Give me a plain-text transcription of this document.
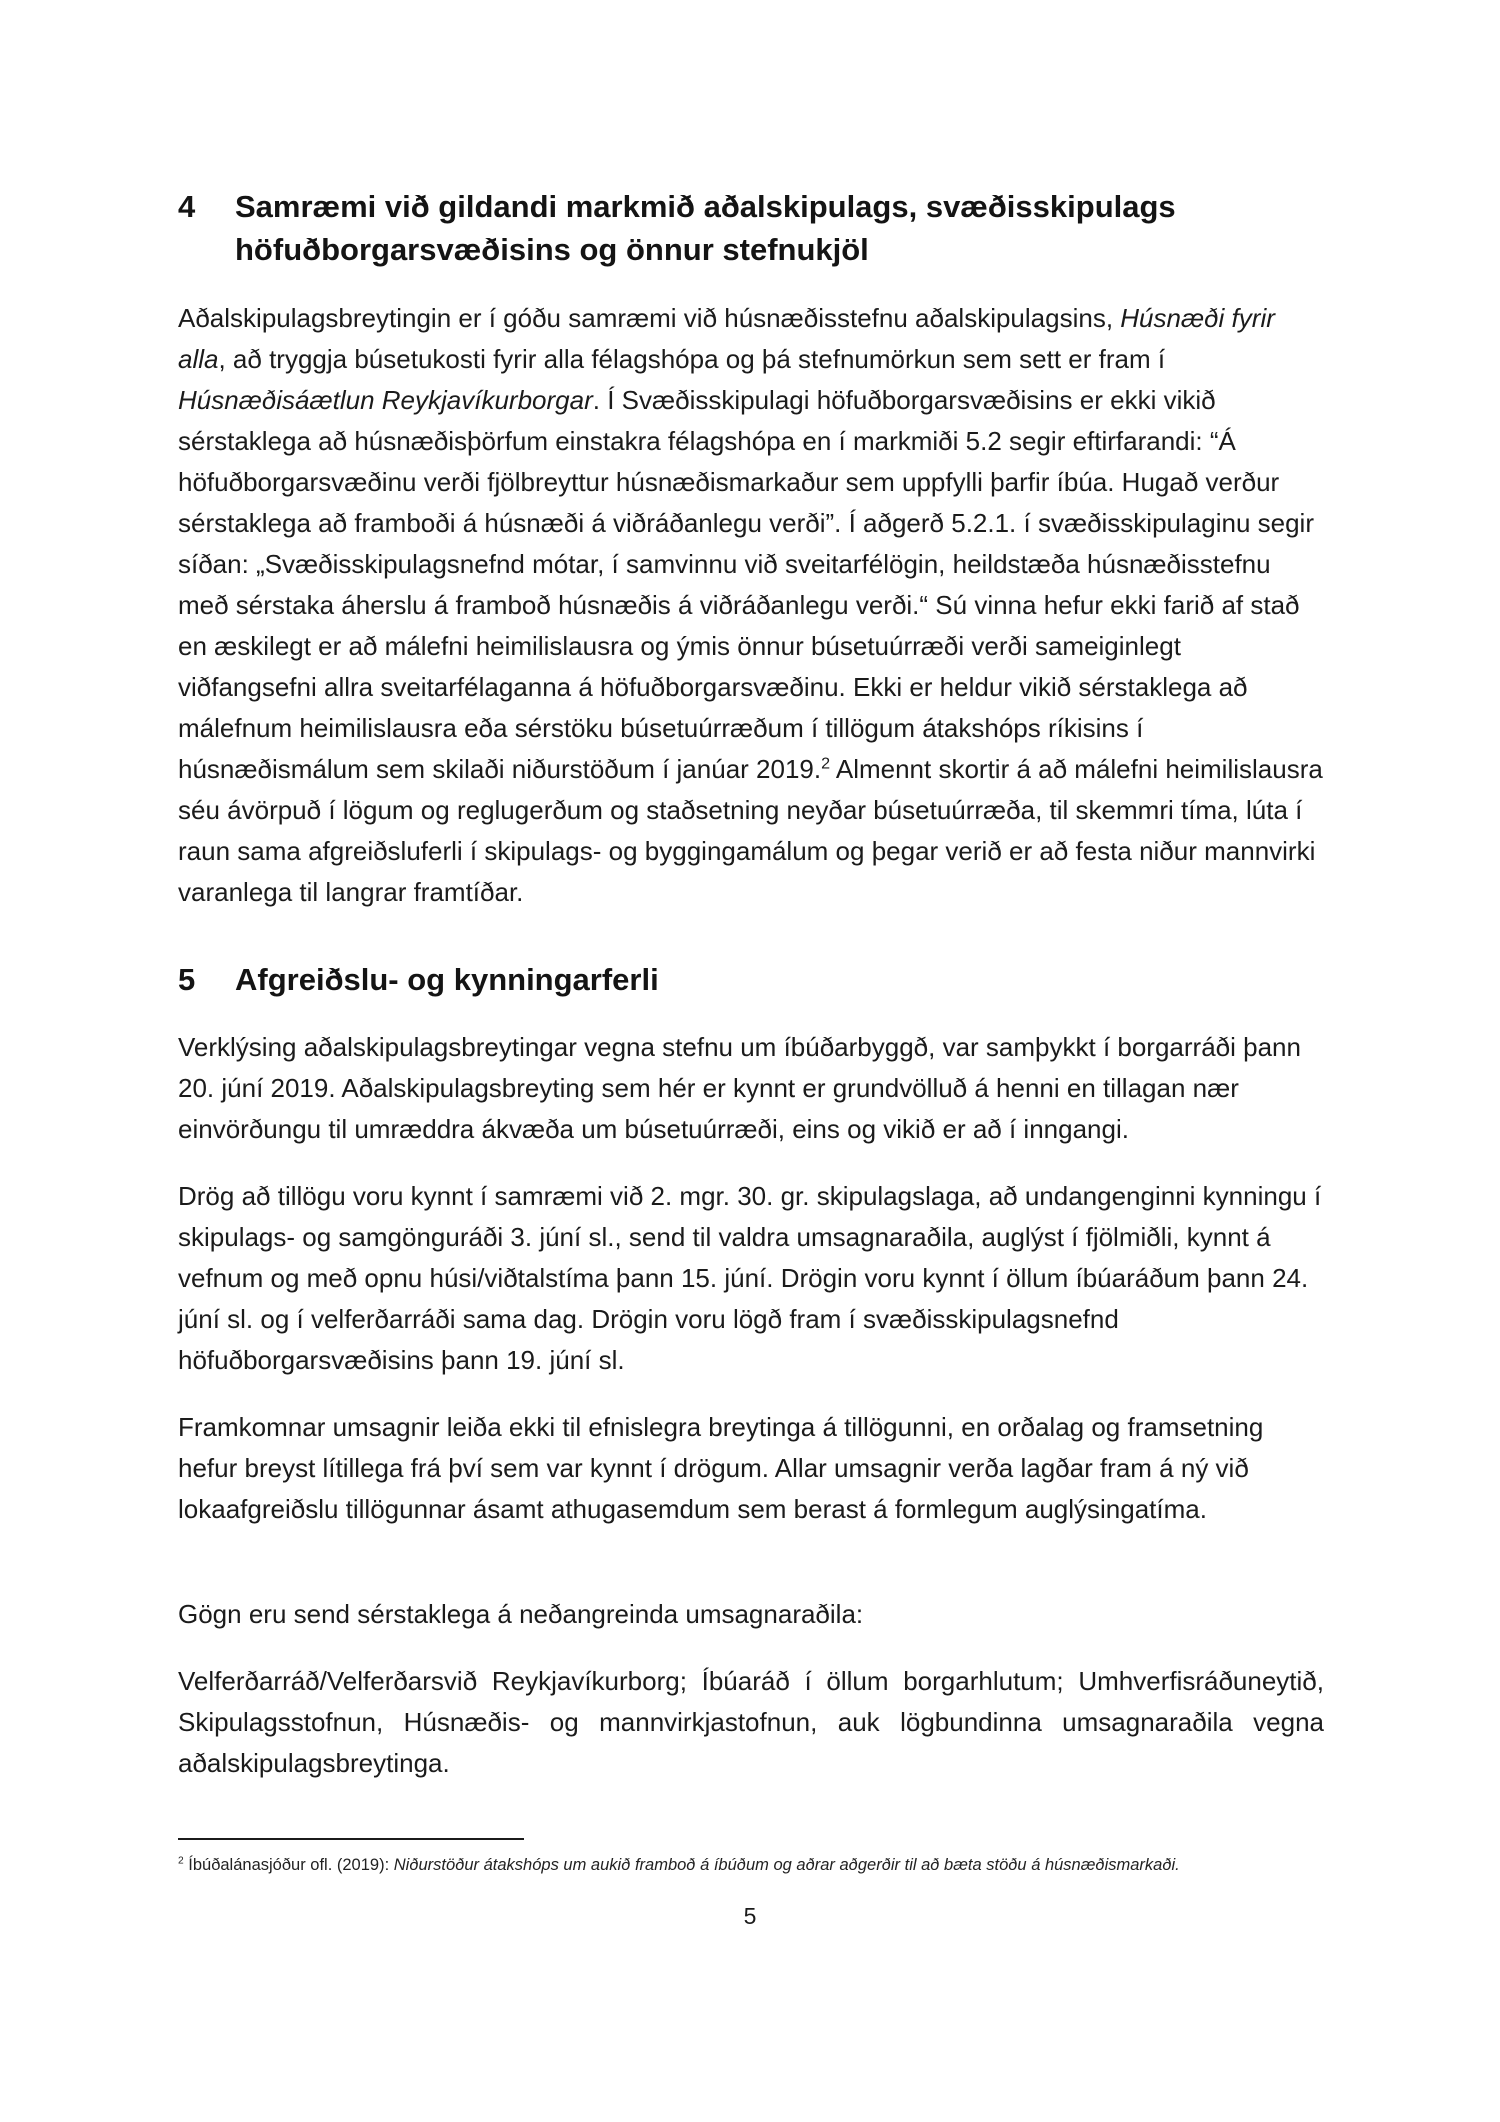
4	Samræmi við gildandi markmið aðalskipulags, svæðisskipulags höfuðborgarsvæðisins og önnur stefnukjöl

Aðalskipulagsbreytingin er í góðu samræmi við húsnæðisstefnu aðalskipulagsins, Húsnæði fyrir alla, að tryggja búsetukosti fyrir alla félagshópa og þá stefnumörkun sem sett er fram í Húsnæðisáætlun Reykjavíkurborgar. Í Svæðisskipulagi höfuðborgarsvæðisins er ekki vikið sérstaklega að húsnæðisþörfum einstakra félagshópa en í markmiði 5.2 segir eftirfarandi: “Á höfuðborgarsvæðinu verði fjölbreyttur húsnæðismarkaður sem uppfylli þarfir íbúa. Hugað verður sérstaklega að framboði á húsnæði á viðráðanlegu verði”. Í aðgerð 5.2.1. í svæðisskipulaginu segir síðan: „Svæðisskipulagsnefnd mótar, í samvinnu við sveitarfélögin, heildstæða húsnæðisstefnu með sérstaka áherslu á framboð húsnæðis á viðráðanlegu verði.“ Sú vinna hefur ekki farið af stað en æskilegt er að málefni heimilislausra og ýmis önnur búsetuúrræði verði sameiginlegt viðfangsefni allra sveitarfélaganna á höfuðborgarsvæðinu. Ekki er heldur vikið sérstaklega að málefnum heimilislausra eða sérstöku búsetuúrræðum í tillögum átakshóps ríkisins í húsnæðismálum sem skilaði niðurstöðum í janúar 2019.$^2$ Almennt skortir á að málefni heimilislausra séu ávörpuð í lögum og reglugerðum og staðsetning neyðar búsetuúrræða, til skemmri tíma, lúta í raun sama afgreiðsluferli í skipulags- og byggingamálum og þegar verið er að festa niður mannvirki varanlega til langrar framtíðar.

5	Afgreiðslu- og kynningarferli

Verklýsing aðalskipulagsbreytingar vegna stefnu um íbúðarbyggð, var samþykkt í borgarráði þann 20. júní 2019. Aðalskipulagsbreyting sem hér er kynnt er grundvölluð á henni en tillagan nær einvörðungu til umræddra ákvæða um búsetuúrræði, eins og vikið er að í inngangi.

Drög að tillögu voru kynnt í samræmi við 2. mgr. 30. gr. skipulagslaga, að undangenginni kynningu í skipulags- og samgönguráði 3. júní sl., send til valdra umsagnaraðila, auglýst í fjölmiðli, kynnt á vefnum og með opnu húsi/viðtalstíma þann 15. júní. Drögin voru kynnt í öllum íbúaráðum þann 24. júní sl. og í velferðarráði sama dag. Drögin voru lögð fram í svæðisskipulagsnefnd höfuðborgarsvæðisins þann 19. júní sl.

Framkomnar umsagnir leiða ekki til efnislegra breytinga á tillögunni, en orðalag og framsetning hefur breyst lítillega frá því sem var kynnt í drögum. Allar umsagnir verða lagðar fram á ný við lokaafgreiðslu tillögunnar ásamt athugasemdum sem berast á formlegum auglýsingatíma.

Gögn eru send sérstaklega á neðangreinda umsagnaraðila:

Velferðarráð/Velferðarsvið Reykjavíkurborg; Íbúaráð í öllum borgarhlutum; Umhverfisráðuneytið, Skipulagsstofnun, Húsnæðis- og mannvirkjastofnun, auk lögbundinna umsagnaraðila vegna aðalskipulagsbreytinga.

$^2$ Íbúðalánasjóður ofl. (2019): Niðurstöður átakshóps um aukið framboð á íbúðum og aðrar aðgerðir til að bæta stöðu á húsnæðismarkaði.
5
